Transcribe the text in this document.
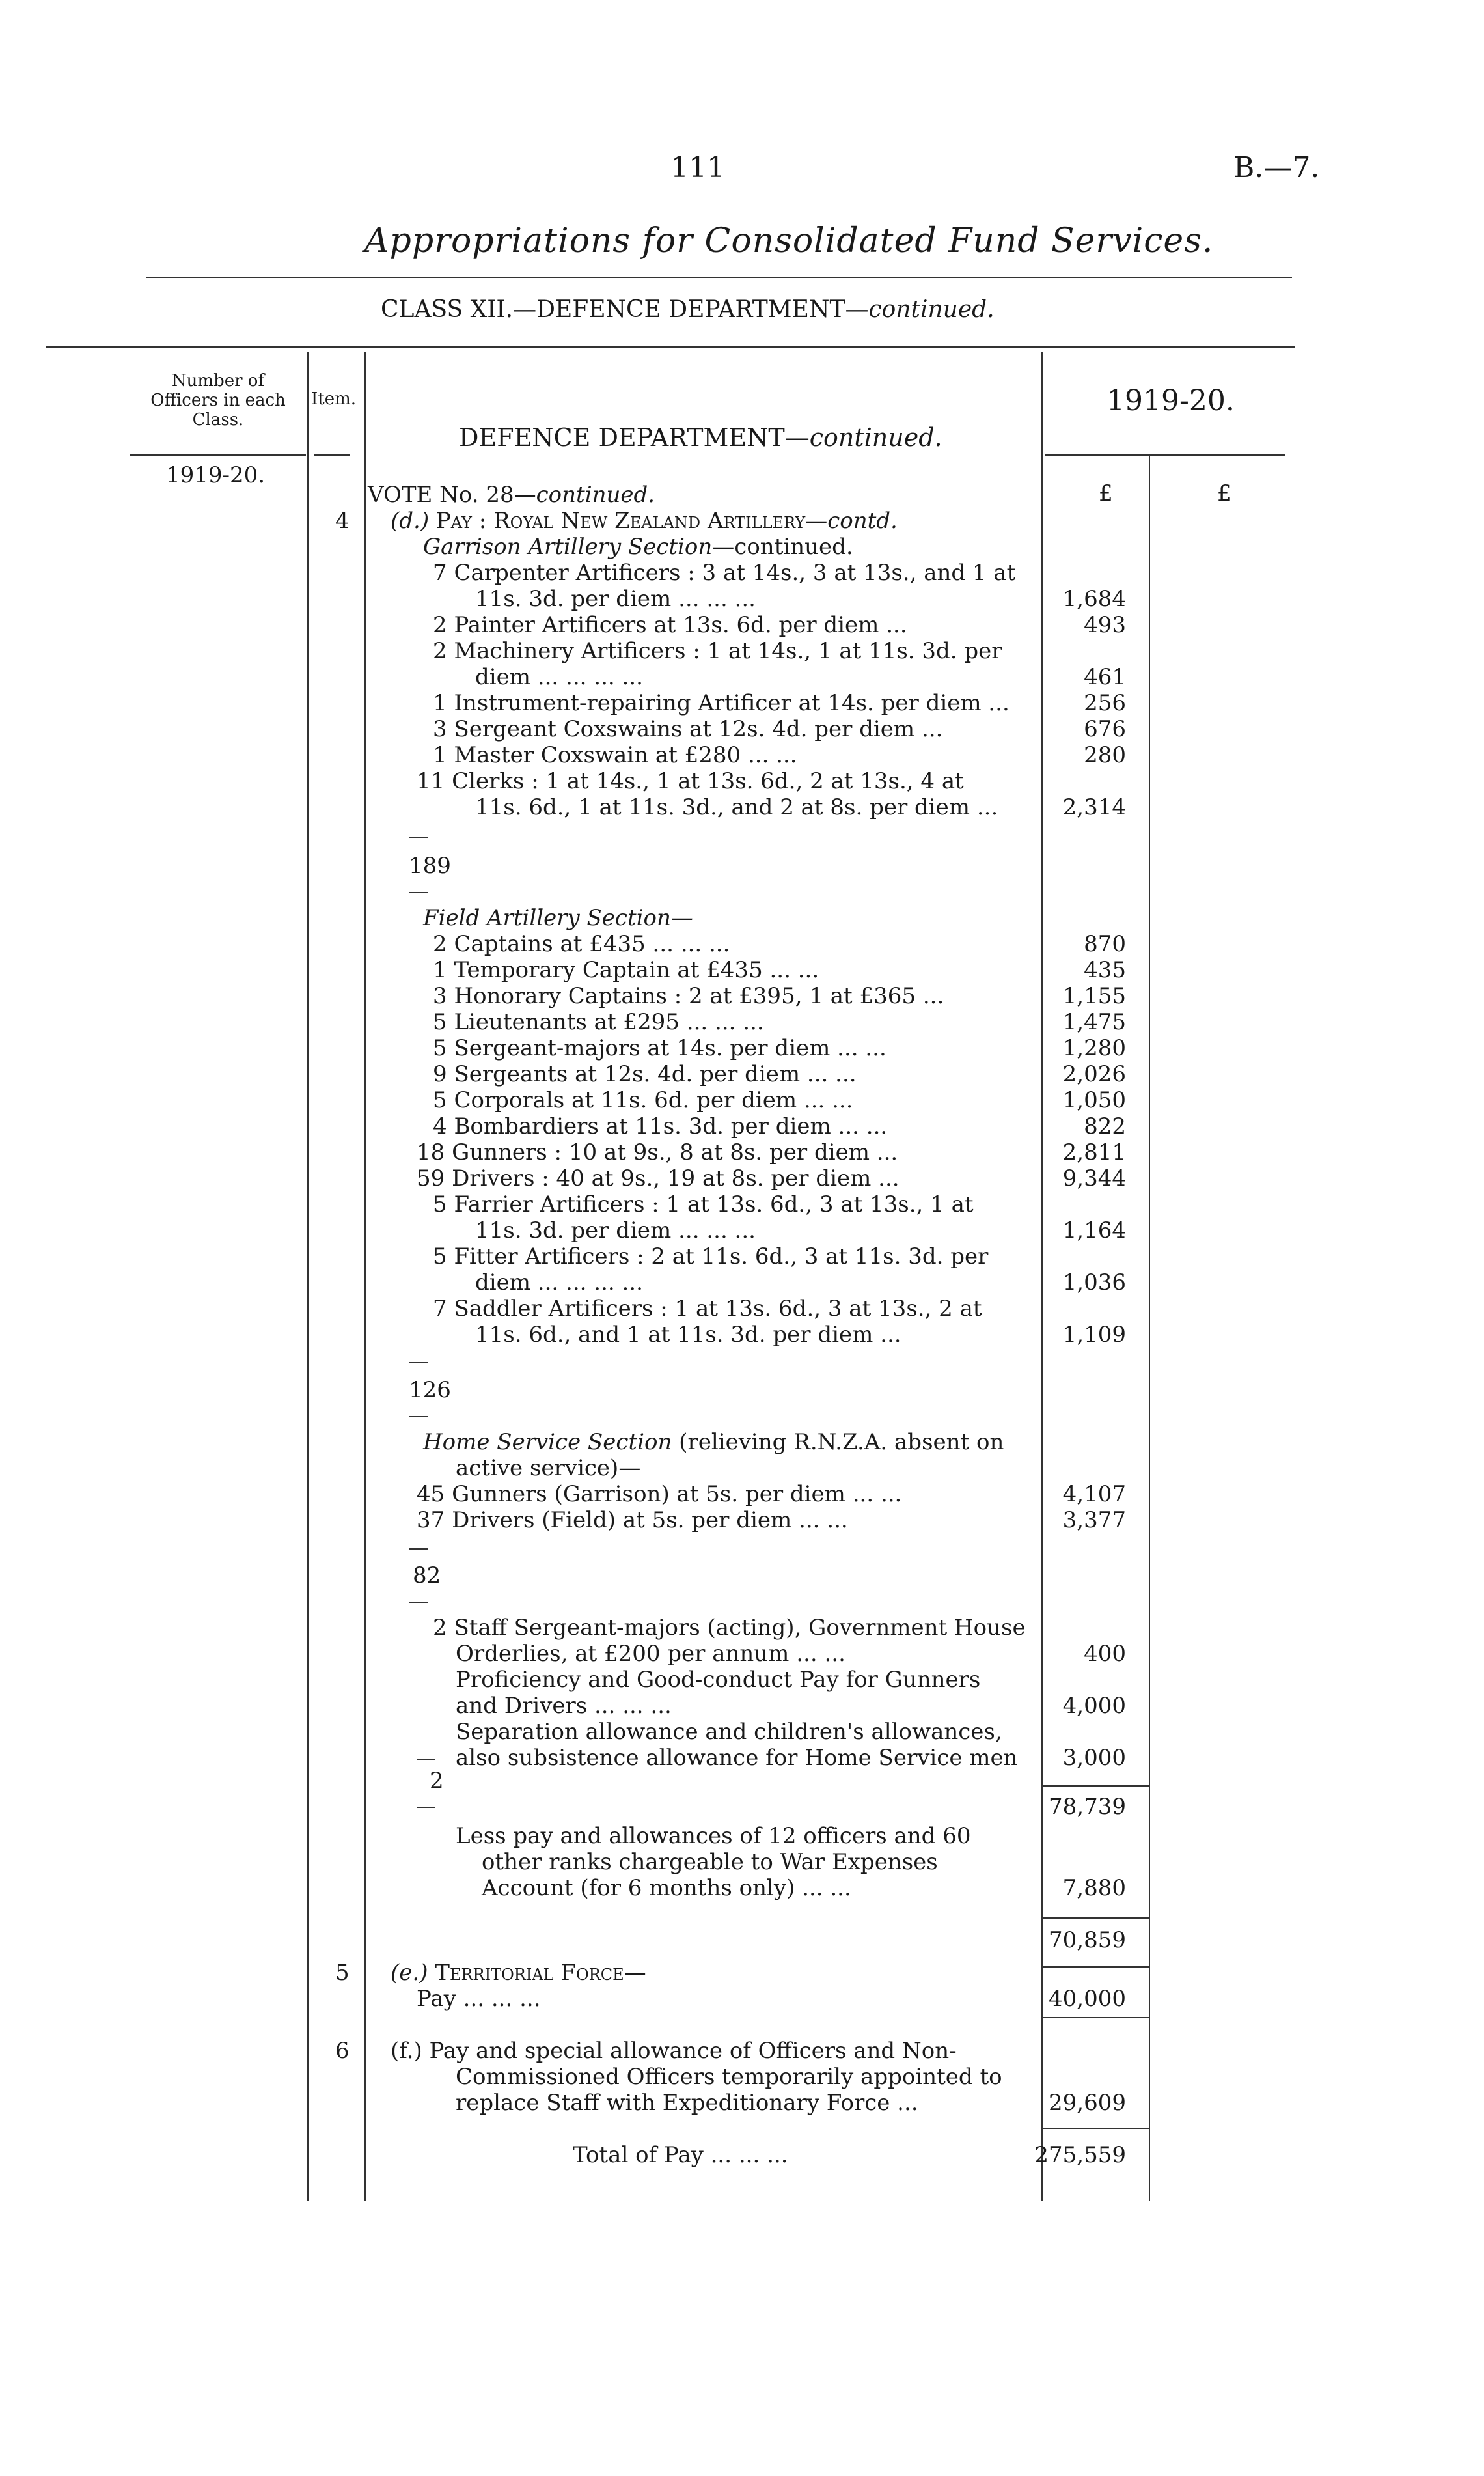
111	B.—7.
Appropriations for Consolidated Fund Services.
CLASS XII.—DEFENCE DEPARTMENT—continued.
Number of
Officers in each
Class.
Item.
DEFENCE DEPARTMENT—continued.
1919-20.
1919-20.
£	£
VOTE No. 28—continued.
4 (d.) Pay : Royal New Zealand Artillery—contd.
Garrison Artillery Section—continued.
7 Carpenter Artificers : 3 at 14s., 3 at 13s., and 1 at
11s. 3d. per diem ... ... ...	1,684
2 Painter Artificers at 13s. 6d. per diem ...	493
2 Machinery Artificers : 1 at 14s., 1 at 11s. 3d. per
diem ... ... ... ...	461
1 Instrument-repairing Artificer at 14s. per diem ...	256
3 Sergeant Coxswains at 12s. 4d. per diem ...	676
1 Master Coxswain at £280 ... ...	280
11 Clerks : 1 at 14s., 1 at 13s. 6d., 2 at 13s., 4 at
11s. 6d., 1 at 11s. 3d., and 2 at 8s. per diem ...	2,314
189
Field Artillery Section—
2 Captains at £435 ... ... ...	870
1 Temporary Captain at £435 ... ...	435
3 Honorary Captains : 2 at £395, 1 at £365 ...	1,155
5 Lieutenants at £295 ... ... ...	1,475
5 Sergeant-majors at 14s. per diem ... ...	1,280
9 Sergeants at 12s. 4d. per diem ... ...	2,026
5 Corporals at 11s. 6d. per diem ... ...	1,050
4 Bombardiers at 11s. 3d. per diem ... ...	822
18 Gunners : 10 at 9s., 8 at 8s. per diem ...	2,811
59 Drivers : 40 at 9s., 19 at 8s. per diem ...	9,344
5 Farrier Artificers : 1 at 13s. 6d., 3 at 13s., 1 at
11s. 3d. per diem ... ... ...	1,164
5 Fitter Artificers : 2 at 11s. 6d., 3 at 11s. 3d. per
diem ... ... ... ...	1,036
7 Saddler Artificers : 1 at 13s. 6d., 3 at 13s., 2 at
11s. 6d., and 1 at 11s. 3d. per diem ...	1,109
126
Home Service Section (relieving R.N.Z.A. absent on
active service)—
45 Gunners (Garrison) at 5s. per diem ... ...	4,107
37 Drivers (Field) at 5s. per diem ... ...	3,377
82
2 Staff Sergeant-majors (acting), Government House
Orderlies, at £200 per annum ... ...	400
Proficiency and Good-conduct Pay for Gunners
and Drivers ... ... ...	4,000
Separation allowance and children's allowances,
also subsistence allowance for Home Service men	3,000
2
78,739
Less pay and allowances of 12 officers and 60
other ranks chargeable to War Expenses
Account (for 6 months only) ... ...	7,880
70,859
5 (e.) Territorial Force—
Pay ... ... ...	40,000
6 (f.) Pay and special allowance of Officers and Non-
Commissioned Officers temporarily appointed to
replace Staff with Expeditionary Force ...	29,609
Total of Pay ... ... ...	275,559
